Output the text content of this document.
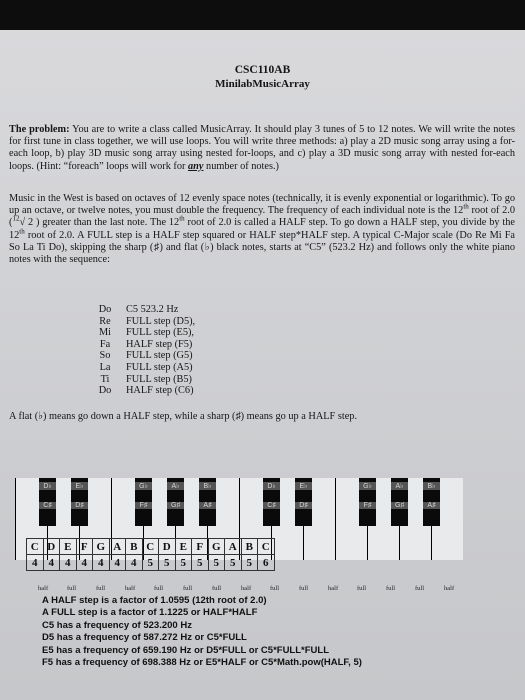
CSC110AB
MinilabMusicArray
The problem: You are to write a class called MusicArray. It should play 3 tunes of 5 to 12 notes. We will write the notes for first tune in class together, we will use loops. You will write three methods: a) play a 2D music song array using a for-each loop, b) play 3D music song array using nested for-loops, and c) play a 3D music song array with nested for-each loops. (Hint: “foreach” loops will work for any number of notes.)
Music in the West is based on octaves of 12 evenly space notes (technically, it is evenly exponential or logarithmic). To go up an octave, or twelve notes, you must double the frequency. The frequency of each individual note is the 12th root of 2.0 ($^{12}$√ 2 ) greater than the last note. The 12th root of 2.0 is called a HALF step. To go down a HALF step, you divide by the 12th root of 2.0. A FULL step is a HALF step squared or HALF step*HALF step. A typical C-Major scale (Do Re Mi Fa So La Ti Do), skipping the sharp (♯) and flat (♭) black notes, starts at “C5” (523.2 Hz) and follows only the white piano notes with the sequence:
Do	C5 523.2 Hz
Re	FULL step (D5),
Mi	FULL step (E5),
Fa	HALF step (F5)
So	FULL step (G5)
La	FULL step (A5)
Ti	FULL step (B5)
Do	HALF step (C6)
A flat (♭) means go down a HALF step, while a sharp (♯) means go up a HALF step.
D♭
C♯
E♭
D♯
G♭
F♯
A♭
G♯
B♭
A♯
D♭
C♯
E♭
D♯
G♭
F♯
A♭
G♯
B♭
A♯
C	D	E	F	G	A	B	C	D	E	F	G	A	B	C
4	4	4	4	4	4	4	5	5	5	5	5	5	5	6
half	full	full	half	full	full	full	half	full	full	half	full	full	full	half
A HALF step is a factor of 1.0595 (12th root of 2.0)
A FULL step is a factor of 1.1225 or HALF*HALF
C5 has a frequency of 523.200 Hz
D5 has a frequency of 587.272 Hz or C5*FULL
E5 has a frequency of 659.190 Hz or D5*FULL or C5*FULL*FULL
F5 has a frequency of 698.388 Hz or E5*HALF or C5*Math.pow(HALF, 5)
